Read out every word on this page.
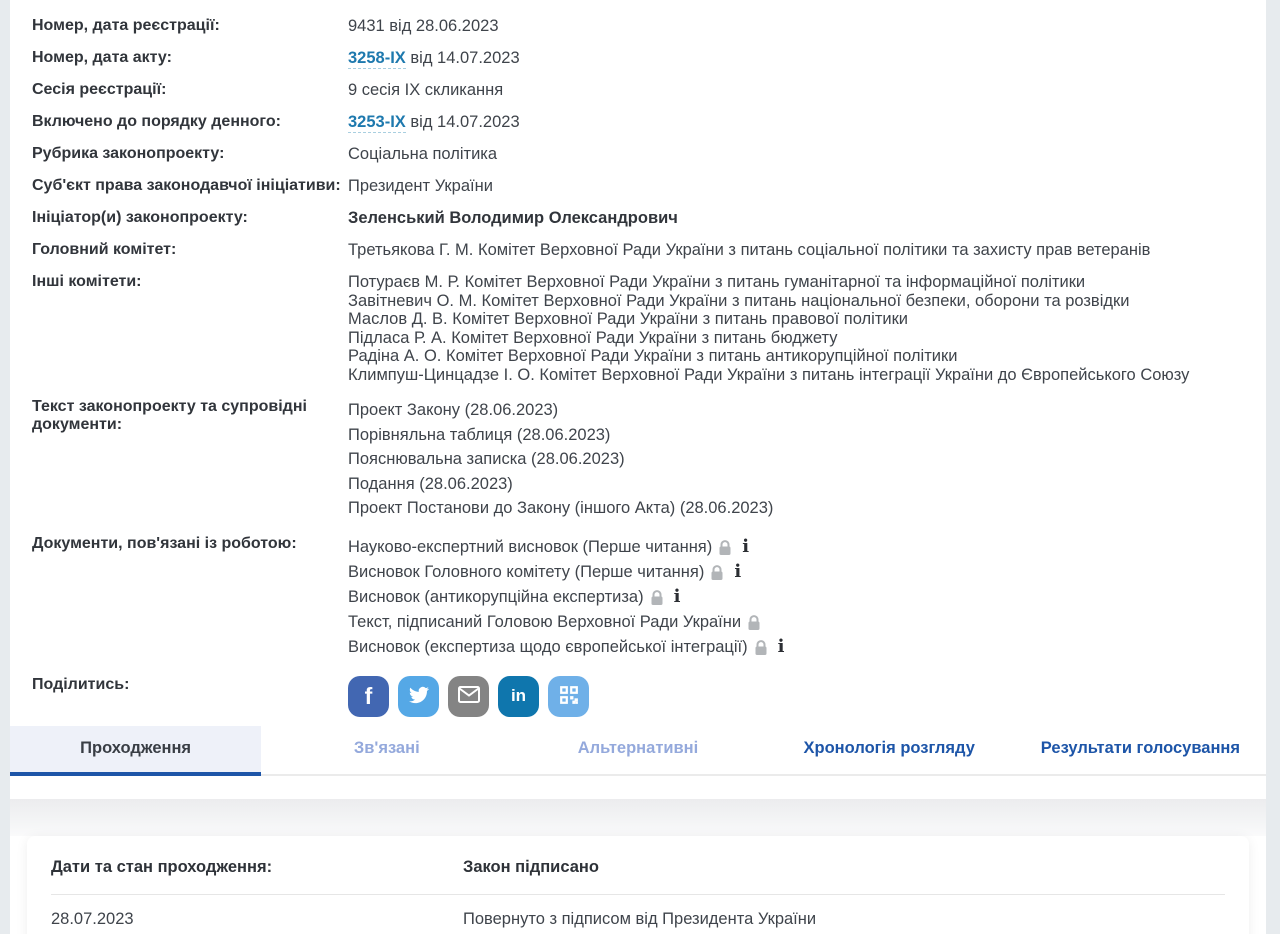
Номер, дата реєстрації:	9431 від 28.06.2023
Номер, дата акту:	3258-IX від 14.07.2023
Сесія реєстрації:	9 сесія IX скликання
Включено до порядку денного:	3253-IX від 14.07.2023
Рубрика законопроекту:	Соціальна політика
Суб'єкт права законодавчої ініціативи: Президент України
Ініціатор(и) законопроекту:	Зеленський Володимир Олександрович
Головний комітет:	Третьякова Г. М. Комітет Верховної Ради України з питань соціальної політики та захисту прав ветеранів
Інші комітети:	Потураєв М. Р. Комітет Верховної Ради України з питань гуманітарної та інформаційної політики
Завітневич О. М. Комітет Верховної Ради України з питань національної безпеки, оборони та розвідки
Маслов Д. В. Комітет Верховної Ради України з питань правової політики
Підласа Р. А. Комітет Верховної Ради України з питань бюджету
Радіна А. О. Комітет Верховної Ради України з питань антикорупційної політики
Климпуш-Цинцадзе І. О. Комітет Верховної Ради України з питань інтеграції України до Європейського Союзу
Текст законопроекту та супровідні документи:
Проект Закону (28.06.2023)
Порівняльна таблиця (28.06.2023)
Пояснювальна записка (28.06.2023)
Подання (28.06.2023)
Проект Постанови до Закону (іншого Акта) (28.06.2023)
Документи, пов'язані із роботою:	Науково-експертний висновок (Перше читання) i
Висновок Головного комітету (Перше читання) i
Висновок (антикорупційна експертиза) i
Текст, підписаний Головою Верховної Ради України
Висновок (експертиза щодо європейської інтеграції) i
Поділитись:	f	in
Проходження	Зв'язані	Альтернативні	Хронологія розгляду	Результати голосування
Дати та стан проходження:	Закон підписано
28.07.2023	Повернуто з підписом від Президента України
